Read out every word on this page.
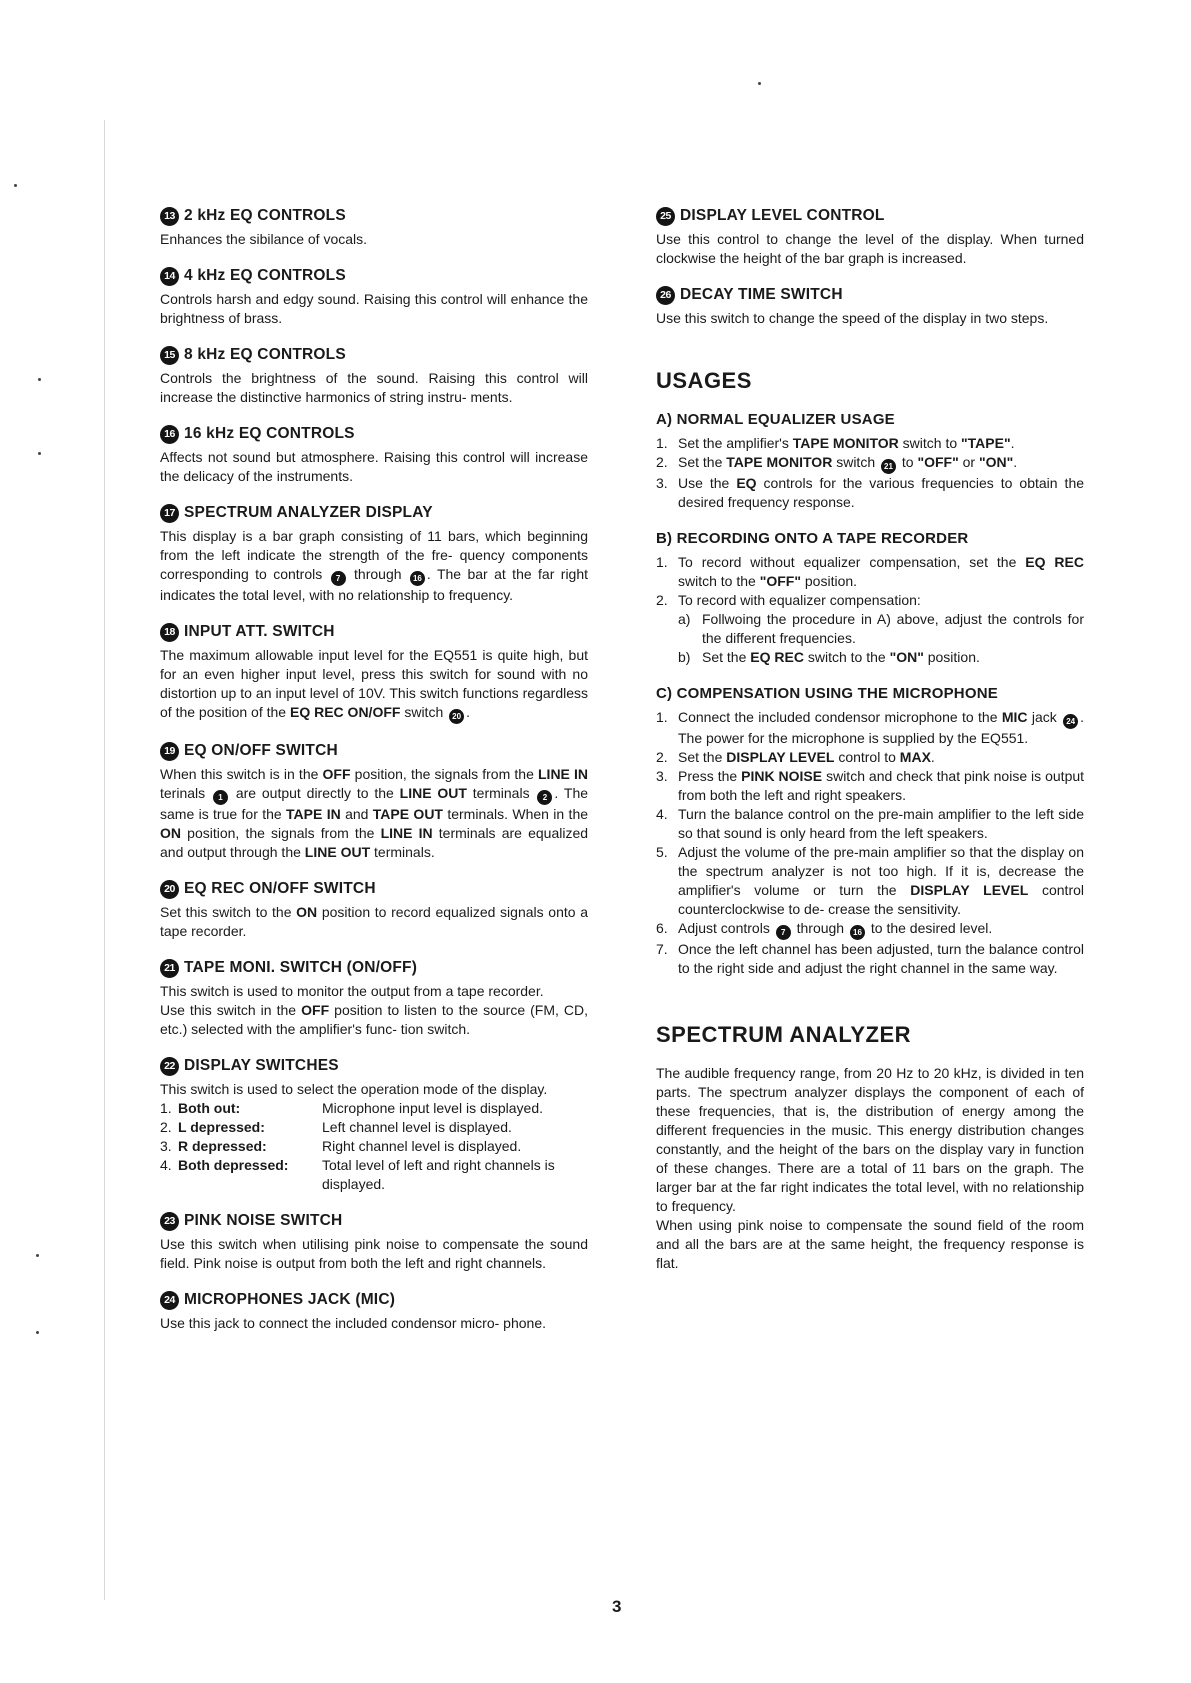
13 2 kHz EQ CONTROLS

Enhances the sibilance of vocals.

14 4 kHz EQ CONTROLS

Controls harsh and edgy sound. Raising this control will enhance the brightness of brass.

15 8 kHz EQ CONTROLS

Controls the brightness of the sound. Raising this control will increase the distinctive harmonics of string instru- ments.

16 16 kHz EQ CONTROLS

Affects not sound but atmosphere. Raising this control will increase the delicacy of the instruments.

17 SPECTRUM ANALYZER DISPLAY

This display is a bar graph consisting of 11 bars, which beginning from the left indicate the strength of the fre- quency components corresponding to controls 7 through 16 . The bar at the far right indicates the total level, with no relationship to frequency.

18 INPUT ATT. SWITCH

The maximum allowable input level for the EQ551 is quite high, but for an even higher input level, press this switch for sound with no distortion up to an input level of 10V. This switch functions regardless of the position of the EQ REC ON/OFF switch 20 .

19 EQ ON/OFF SWITCH

When this switch is in the OFF position, the signals from the LINE IN terinals 1 are output directly to the LINE OUT terminals 2 . The same is true for the TAPE IN and TAPE OUT terminals. When in the ON position, the signals from the LINE IN terminals are equalized and output through the LINE OUT terminals.

20 EQ REC ON/OFF SWITCH

Set this switch to the ON position to record equalized signals onto a tape recorder.

21 TAPE MONI. SWITCH (ON/OFF)

This switch is used to monitor the output from a tape recorder.

Use this switch in the OFF position to listen to the source (FM, CD, etc.) selected with the amplifier's func- tion switch.

22 DISPLAY SWITCHES

This switch is used to select the operation mode of the display.

1. Both out:	Microphone input level is displayed.
2. L depressed:	Left channel level is displayed.
3. R depressed:	Right channel level is displayed.
4. Both depressed:	Total level of left and right channels is displayed.
23 PINK NOISE SWITCH

Use this switch when utilising pink noise to compensate the sound field. Pink noise is output from both the left and right channels.

24 MICROPHONES JACK (MIC)

Use this jack to connect the included condensor micro- phone.

25 DISPLAY LEVEL CONTROL

Use this control to change the level of the display. When turned clockwise the height of the bar graph is increased.

26 DECAY TIME SWITCH

Use this switch to change the speed of the display in two steps.

USAGES
A) NORMAL EQUALIZER USAGE
1. Set the amplifier's TAPE MONITOR switch to "TAPE".
2. Set the TAPE MONITOR switch 21 to "OFF" or "ON".
3. Use the EQ controls for the various frequencies to obtain the desired frequency response.
B) RECORDING ONTO A TAPE RECORDER
1. To record without equalizer compensation, set the EQ REC switch to the "OFF" position.
2. To record with equalizer compensation:
a) Follwoing the procedure in A) above, adjust the controls for the different frequencies.
b) Set the EQ REC switch to the "ON" position.
C) COMPENSATION USING THE MICROPHONE
1. Connect the included condensor microphone to the MIC jack 24 . The power for the microphone is supplied by the EQ551.
2. Set the DISPLAY LEVEL control to MAX.
3. Press the PINK NOISE switch and check that pink noise is output from both the left and right speakers.
4. Turn the balance control on the pre-main amplifier to the left side so that sound is only heard from the left speakers.
5. Adjust the volume of the pre-main amplifier so that the display on the spectrum analyzer is not too high. If it is, decrease the amplifier's volume or turn the DISPLAY LEVEL control counterclockwise to de- crease the sensitivity.
6. Adjust controls 7 through 16 to the desired level.
7. Once the left channel has been adjusted, turn the balance control to the right side and adjust the right channel in the same way.
SPECTRUM ANALYZER

The audible frequency range, from 20 Hz to 20 kHz, is divided in ten parts. The spectrum analyzer displays the component of each of these frequencies, that is, the distribution of energy among the different frequencies in the music. This energy distribution changes constantly, and the height of the bars on the display vary in function of these changes. There are a total of 11 bars on the graph. The larger bar at the far right indicates the total level, with no relationship to frequency.

When using pink noise to compensate the sound field of the room and all the bars are at the same height, the frequency response is flat.

3
